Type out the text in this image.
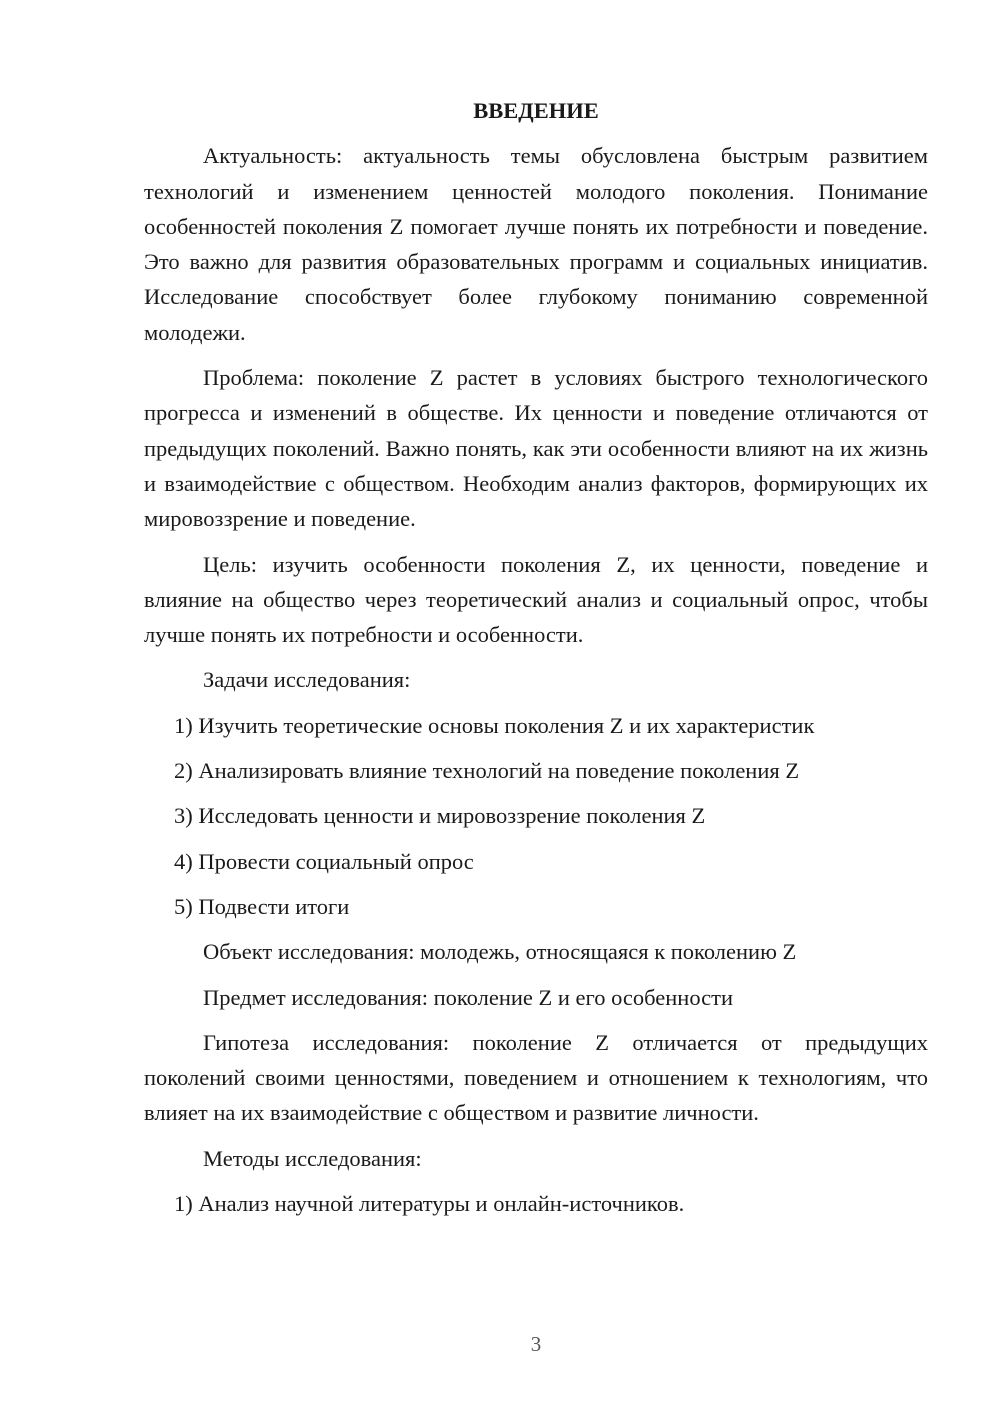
ВВЕДЕНИЕ

Актуальность: актуальность темы обусловлена быстрым развитием технологий и изменением ценностей молодого поколения. Понимание особенностей поколения Z помогает лучше понять их потребности и поведение. Это важно для развития образовательных программ и социальных инициатив. Исследование способствует более глубокому пониманию современной молодежи.

Проблема: поколение Z растет в условиях быстрого технологического прогресса и изменений в обществе. Их ценности и поведение отличаются от предыдущих поколений. Важно понять, как эти особенности влияют на их жизнь и взаимодействие с обществом. Необходим анализ факторов, формирующих их мировоззрение и поведение.

Цель: изучить особенности поколения Z, их ценности, поведение и влияние на общество через теоретический анализ и социальный опрос, чтобы лучше понять их потребности и особенности.

Задачи исследования:
1) Изучить теоретические основы поколения Z и их характеристик
2) Анализировать влияние технологий на поведение поколения Z
3) Исследовать ценности и мировоззрение поколения Z
4) Провести социальный опрос
5) Подвести итоги
Объект исследования: молодежь, относящаяся к поколению Z
Предмет исследования: поколение Z и его особенности

Гипотеза исследования: поколение Z отличается от предыдущих поколений своими ценностями, поведением и отношением к технологиям, что влияет на их взаимодействие с обществом и развитие личности.

Методы исследования:
1) Анализ научной литературы и онлайн-источников.
3
